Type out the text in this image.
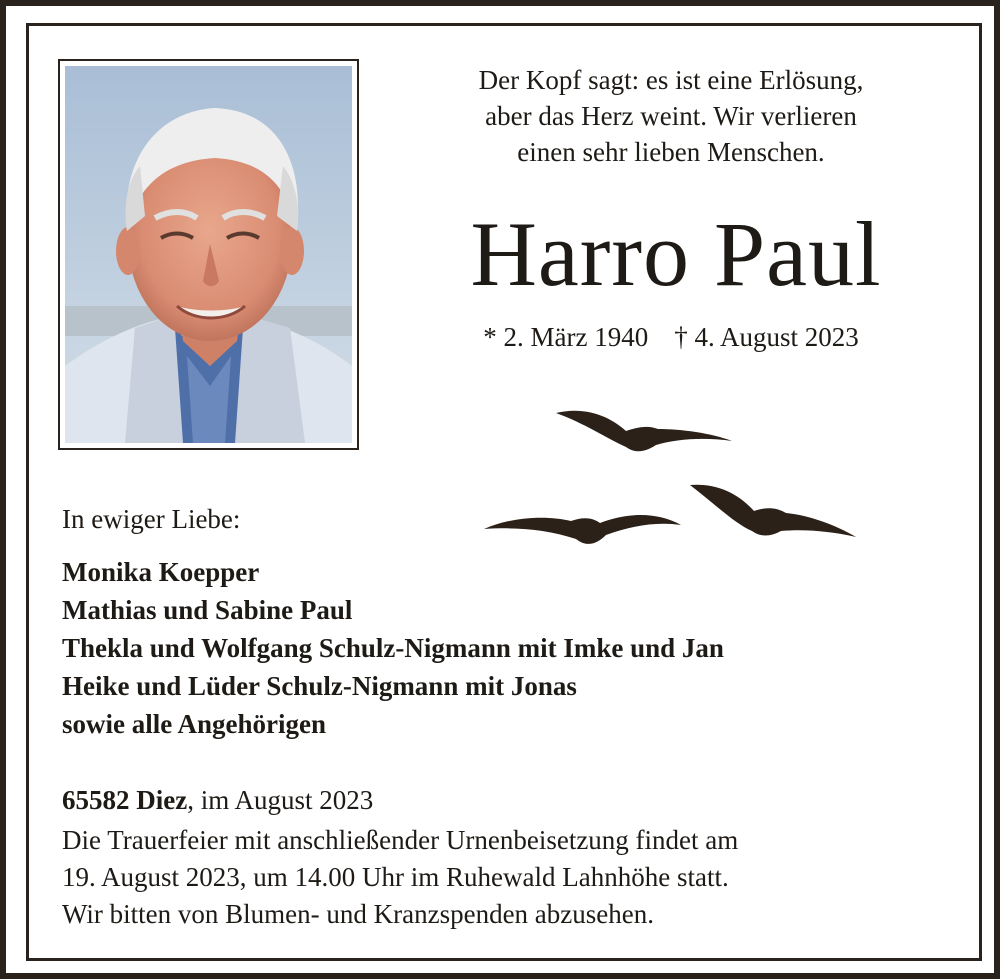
Der Kopf sagt: es ist eine Erlösung,
aber das Herz weint. Wir verlieren
einen sehr lieben Menschen.
Harro Paul
* 2. März 1940 † 4. August 2023
In ewiger Liebe:
Monika Koepper
Mathias und Sabine Paul
Thekla und Wolfgang Schulz-Nigmann mit Imke und Jan
Heike und Lüder Schulz-Nigmann mit Jonas
sowie alle Angehörigen
65582 Diez, im August 2023
Die Trauerfeier mit anschließender Urnenbeisetzung findet am
19. August 2023, um 14.00 Uhr im Ruhewald Lahnhöhe statt.
Wir bitten von Blumen- und Kranzspenden abzusehen.
